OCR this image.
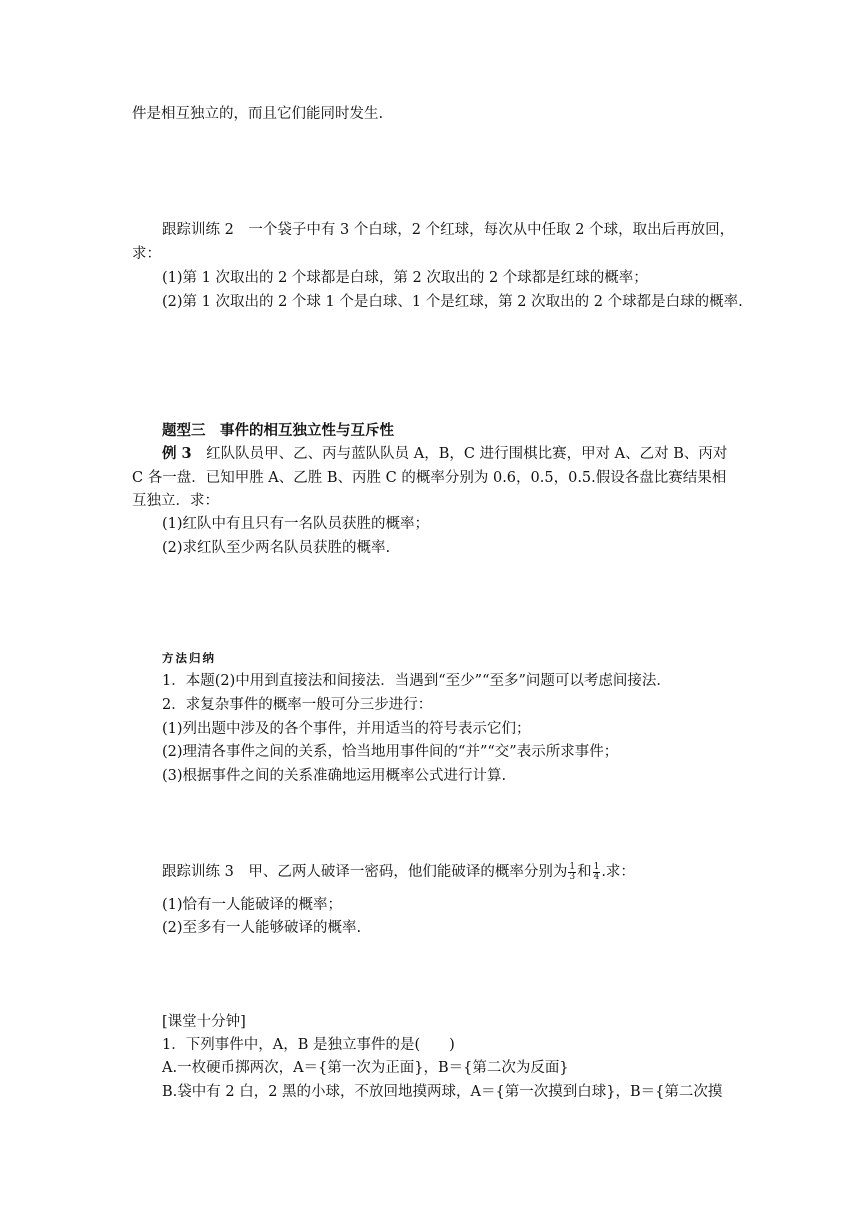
件是相互独立的，而且它们能同时发生.
跟踪训练 2　 一个袋子中有 3 个白球，2 个红球，每次从中任取 2 个球，取出后再放回，
求：
(1)第 1 次取出的 2 个球都是白球，第 2 次取出的 2 个球都是红球的概率；
(2)第 1 次取出的 2 个球 1 个是白球、1 个是红球，第 2 次取出的 2 个球都是白球的概率.
题型三　事件的相互独立性与互斥性
例 3　 红队队员甲、乙、丙与蓝队队员 A，B，C 进行围棋比赛，甲对 A、乙对 B、丙对
C 各一盘．已知甲胜 A、乙胜 B、丙胜 C 的概率分别为 0.6，0.5，0.5.假设各盘比赛结果相
互独立．求：
(1)红队中有且只有一名队员获胜的概率；
(2)求红队至少两名队员获胜的概率.
方法归纳
1．本题(2)中用到直接法和间接法．当遇到“至少”“至多”问题可以考虑间接法．
2．求复杂事件的概率一般可分三步进行：
(1)列出题中涉及的各个事件，并用适当的符号表示它们；
(2)理清各事件之间的关系，恰当地用事件间的“并”“交”表示所求事件；
(3)根据事件之间的关系准确地运用概率公式进行计算.
跟踪训练 3　 甲、乙两人破译一密码，他们能破译的概率分别为 $\frac{1}{3}$ 和 $\frac{1}{4}$ .求：
(1)恰有一人能破译的概率；
(2)至多有一人能够破译的概率.
[课堂十分钟]
1．下列事件中，A，B 是独立事件的是(　　)
A.一枚硬币掷两次，A＝{第一次为正面}，B＝{第二次为反面}
B.袋中有 2 白，2 黑的小球，不放回地摸两球，A＝{第一次摸到白球}，B＝{第二次摸
